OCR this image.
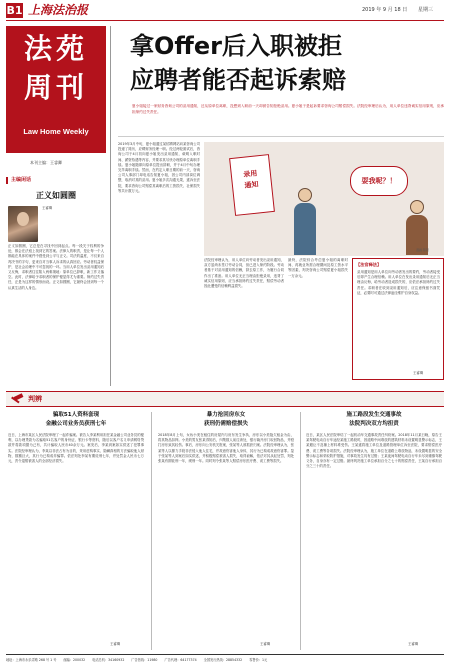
B1 上海法治报	2019 年 9 月 18 日 星期三
法苑
周刊
Law Home Weekly
本刊主编：王睿卿
主编闲话
正义如圆圈
正义如圆圈，它总是在寻找中回到起点。每一段关于权利的争论，都会在法庭上找到它的答案。法律人的职责，是让每一个人都能在具体的案件中感受到公平与正义。司法的温度，不仅来自判决书的字句，更来自对当事人诉求的认真回应。劳动者权益保护，是社会治理中不可忽视的一环。当用人单位发出录用通知后又反悔，求职者往往陷入两难境地：原单位已辞职，新工作又落空。此时，法律给予求职者的保护便显得尤为重要。缔约过失责任，正是为这样的情形而设。正义如圆圈，它最终会回到每一个认真生活的人身边。
王睿卿
拿Offer后入职被拒
应聘者能否起诉索赔
夏小姐接过一家财务咨询公司的录用通知，还从原单位离职，没想到入职前一天却被告知拒绝录用。夏小姐于是起诉要求咨询公司赔偿损失。法院经审理后认为，用人单位违背诚实信用原则，应承担缔约过失责任。
2019年3月中旬，夏小姐通过某招聘网站向某咨询公司投递了简历，应聘财务经理一职。经过两轮面试后，咨询公司于4月初向夏小姐发出录用通知，载明入职时间、薪资待遇等内容，并要求其尽快办理原单位离职手续。夏小姐随即向原单位提出辞职，并于4月中旬办理完毕离职手续。然而，在约定入职日期的前一天，咨询公司人事部门却电话告知夏小姐，因公司内部岗位调整，取消对其的录用。夏小姐多次沟通无果，遂诉至法院，要求咨询公司赔偿其离职后的工资损失、社保损失等共计数万元。
法院经审理认为，用人单位向劳动者发出录用通知，双方虽尚未签订劳动合同，但已进入缔约阶段。劳动者基于对录用通知的信赖，辞去原工作，为履行合同作出了准备。用人单位无正当理由拒绝录用，违背了诚实信用原则，应当承担缔约过失责任，赔偿劳动者因此遭受的信赖利益损失。
最终，法院综合考虑夏小姐的离职时间、再就业所需合理期间及原工资水平等因素，判决咨询公司赔偿夏小姐损失一万余元。
录用
通知	耍我呢？！
漫画 陈阳
【法官释法】
录用通知是用人单位向劳动者发出的要约，劳动者接受后即产生合理信赖。用人单位在发出录用通知后无正当理由反悔，给劳动者造成损失的，应依法承担缔约过失责任。求职者在收到录用通知后，应注意保留书面凭证，必要时可通过法律途径维护自身权益。
王睿卿
判辨
骗取51人资料套现
金融公司业务员获刑七年
近日，上海市某区人民法院审理了一起诈骗案。被告人李某利用担任某金融公司业务员的便利，以办理贷款为名骗取51名客户的身份证、银行卡等资料，随后以客户名义申请网络贷款并将款项据为己有，共计骗取人民币40余万元。案发后，李某到案如实供述了犯罪事实。法院经审理认为，李某以非法占有为目的，采用虚构事实、隐瞒真相的方法骗取他人财物，数额巨大，其行为已构成诈骗罪。依法判处李某有期徒刑七年，并处罚金人民币七万元，责令退赔被害人的全部经济损失。
王睿卿
暴力抢回房东女
获刑仍需赔偿损失
2018年8月上旬，女孩小美在租住的房屋内与房东发生争执，房东以小美拖欠租金为由，将其物品扣押。小美的男友张某得知后，纠集数人前往该处，强行撬开房门取回物品，并殴打房东致其轻伤。事后，房东向公安机关报案，张某等人被抓获归案。法院经审理认为，张某等人以暴力手段非法侵入他人住宅，并故意伤害他人身体，其行为已构成故意伤害罪。鉴于张某等人到案后如实供述，并积极赔偿被害人损失，取得谅解，依法对其从轻处罚，判处张某有期徒刑一年，缓刑一年。同时判令张某等人赔偿房东医疗费、误工费等损失。
王睿卿
施工路段发生交通事故
法院判决双方均担责
近日，某区人民法院审结了一起机动车交通事故责任纠纷案。2018年11月某日晚，原告王某驾驶电动自行车途经某施工路段时，因道路中间堆放的建筑材料未设置明显警示标志，王某避让不及撞上材料堆受伤。王某遂将施工单位及道路管理单位诉至法院，要求赔偿医疗费、误工费等各项损失。法院经审理认为，施工单位在道路上堆放物品，未设置明显的安全警示标志和采取防护措施，对事故发生具有过错；王某夜间驾驶电动自行车未尽到谨慎驾驶义务，自身亦有一定过错。最终判决施工单位承担百分之七十的赔偿责任，王某自行承担百分之三十的责任。
王睿卿
地址：上海市永乐弄路 268 号 1 号 邮编：200032 电话总机：34160932 广告热线：11980 广告代理：64177374 全国发行热线：28854332 零售价：1元
